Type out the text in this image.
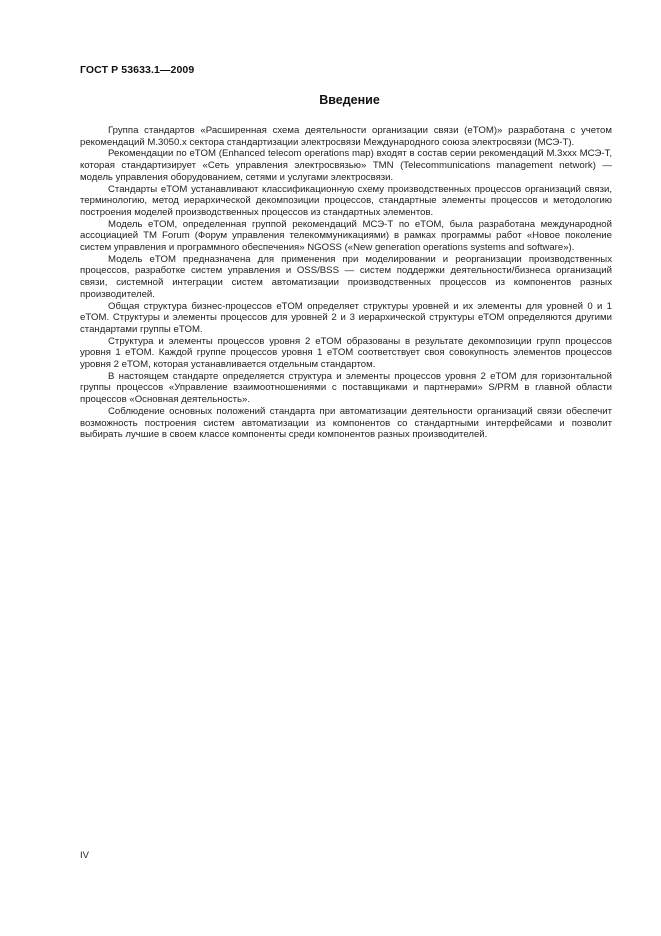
ГОСТ Р 53633.1—2009
Введение

Группа стандартов «Расширенная схема деятельности организации связи (eTOM)» разработана с учетом рекомендаций М.3050.x сектора стандартизации электросвязи Международного союза электросвязи (МСЭ-Т).

Рекомендации по eTOM (Enhanced telecom operations map) входят в состав серии рекомендаций М.3xxx МСЭ-Т, которая стандартизирует «Сеть управления электросвязью» TMN (Telecommunications management network) — модель управления оборудованием, сетями и услугами электросвязи.

Стандарты eTOM устанавливают классификационную схему производственных процессов организаций связи, терминологию, метод иерархической декомпозиции процессов, стандартные элементы процессов и методологию построения моделей производственных процессов из стандартных элементов.

Модель eTOM, определенная группой рекомендаций МСЭ-Т по eTOM, была разработана международной ассоциацией TM Forum (Форум управления телекоммуникациями) в рамках программы работ «Новое поколение систем управления и программного обеспечения» NGOSS («New generation operations systems and software»).

Модель eTOM предназначена для применения при моделировании и реорганизации производственных процессов, разработке систем управления и OSS/BSS — систем поддержки деятельности/бизнеса организаций связи, системной интеграции систем автоматизации производственных процессов из компонентов разных производителей.

Общая структура бизнес-процессов eTOM определяет структуры уровней и их элементы для уровней 0 и 1 eTOM. Структуры и элементы процессов для уровней 2 и 3 иерархической структуры eTOM определяются другими стандартами группы eTOM.

Структура и элементы процессов уровня 2 eTOM образованы в результате декомпозиции групп процессов уровня 1 eTOM. Каждой группе процессов уровня 1 eTOM соответствует своя совокупность элементов процессов уровня 2 eTOM, которая устанавливается отдельным стандартом.

В настоящем стандарте определяется структура и элементы процессов уровня 2 eTOM для горизонтальной группы процессов «Управление взаимоотношениями с поставщиками и партнерами» S/PRM в главной области процессов «Основная деятельность».

Соблюдение основных положений стандарта при автоматизации деятельности организаций связи обеспечит возможность построения систем автоматизации из компонентов со стандартными интерфейсами и позволит выбирать лучшие в своем классе компоненты среди компонентов разных производителей.

IV
